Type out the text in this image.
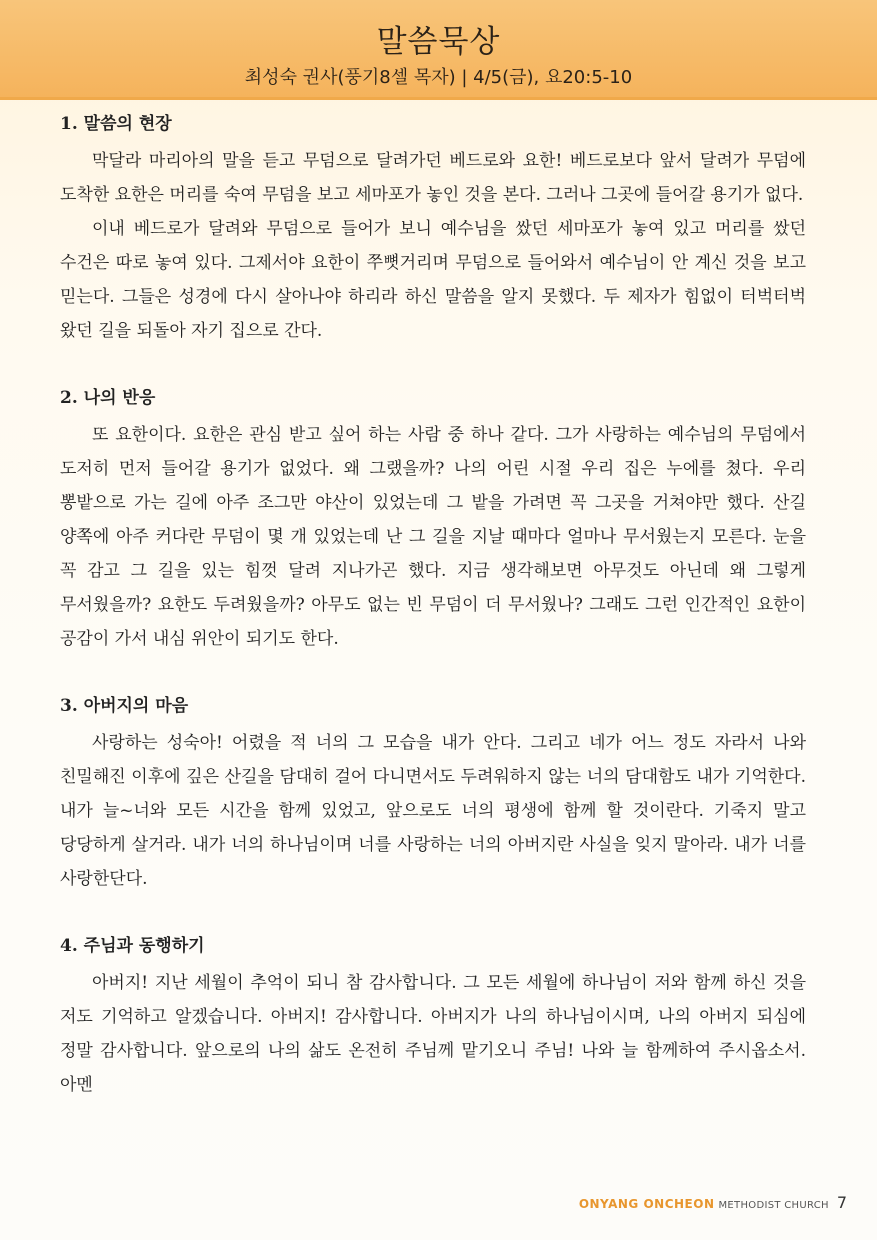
말씀묵상
최성숙 권사(풍기8셀 목자) | 4/5(금), 요20:5-10
1. 말씀의 현장

막달라 마리아의 말을 듣고 무덤으로 달려가던 베드로와 요한! 베드로보다 앞서 달려가 무덤에 도착한 요한은 머리를 숙여 무덤을 보고 세마포가 놓인 것을 본다. 그러나 그곳에 들어갈 용기가 없다.

이내 베드로가 달려와 무덤으로 들어가 보니 예수님을 쌌던 세마포가 놓여 있고 머리를 쌌던 수건은 따로 놓여 있다. 그제서야 요한이 쭈뼛거리며 무덤으로 들어와서 예수님이 안 계신 것을 보고 믿는다. 그들은 성경에 다시 살아나야 하리라 하신 말씀을 알지 못했다. 두 제자가 힘없이 터벅터벅 왔던 길을 되돌아 자기 집으로 간다.

2. 나의 반응

또 요한이다. 요한은 관심 받고 싶어 하는 사람 중 하나 같다. 그가 사랑하는 예수님의 무덤에서 도저히 먼저 들어갈 용기가 없었다. 왜 그랬을까? 나의 어린 시절 우리 집은 누에를 쳤다. 우리 뽕밭으로 가는 길에 아주 조그만 야산이 있었는데 그 밭을 가려면 꼭 그곳을 거쳐야만 했다. 산길 양쪽에 아주 커다란 무덤이 몇 개 있었는데 난 그 길을 지날 때마다 얼마나 무서웠는지 모른다. 눈을 꼭 감고 그 길을 있는 힘껏 달려 지나가곤 했다. 지금 생각해보면 아무것도 아닌데 왜 그렇게 무서웠을까? 요한도 두려웠을까? 아무도 없는 빈 무덤이 더 무서웠나? 그래도 그런 인간적인 요한이 공감이 가서 내심 위안이 되기도 한다.

3. 아버지의 마음

사랑하는 성숙아! 어렸을 적 너의 그 모습을 내가 안다. 그리고 네가 어느 정도 자라서 나와 친밀해진 이후에 깊은 산길을 담대히 걸어 다니면서도 두려워하지 않는 너의 담대함도 내가 기억한다. 내가 늘~너와 모든 시간을 함께 있었고, 앞으로도 너의 평생에 함께 할 것이란다. 기죽지 말고 당당하게 살거라. 내가 너의 하나님이며 너를 사랑하는 너의 아버지란 사실을 잊지 말아라. 내가 너를 사랑한단다.

4. 주님과 동행하기

아버지! 지난 세월이 추억이 되니 참 감사합니다. 그 모든 세월에 하나님이 저와 함께 하신 것을 저도 기억하고 알겠습니다. 아버지! 감사합니다. 아버지가 나의 하나님이시며, 나의 아버지 되심에 정말 감사합니다. 앞으로의 나의 삶도 온전히 주님께 맡기오니 주님! 나와 늘 함께하여 주시옵소서. 아멘

ONYANG ONCHEON METHODIST CHURCH 7
